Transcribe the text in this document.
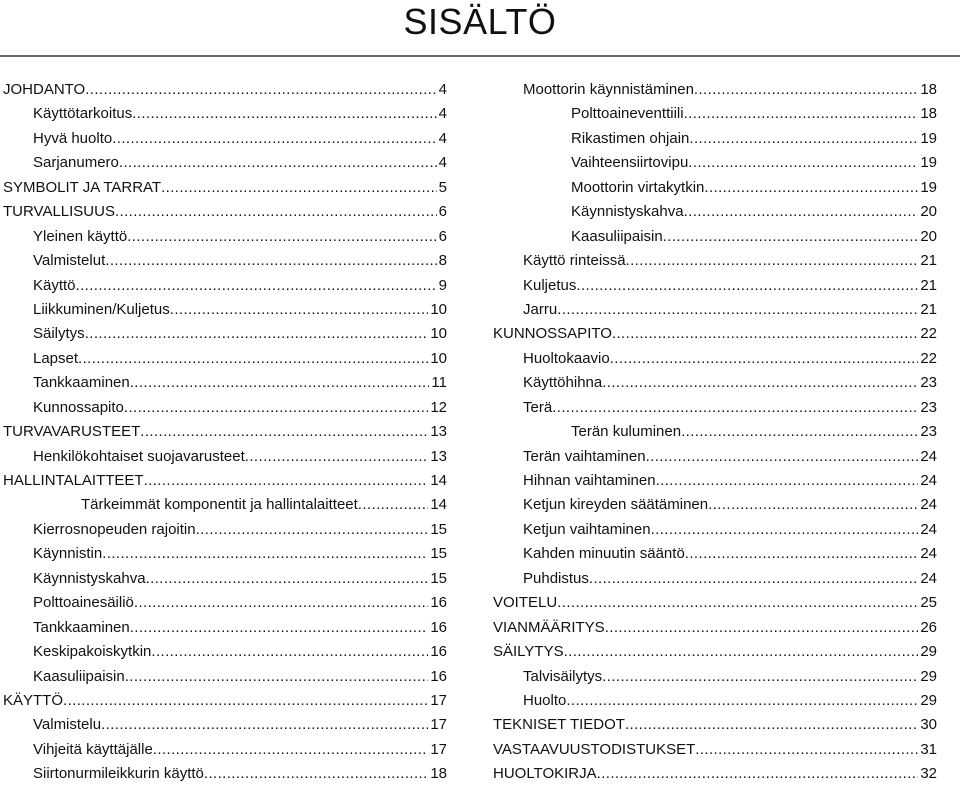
SISÄLTÖ
JOHDANTO .....	4
Käyttötarkoitus .....	4
Hyvä huolto .....	4
Sarjanumero .....	4
SYMBOLIT JA TARRAT .....	5
TURVALLISUUS .....	6
Yleinen käyttö .....	6
Valmistelut .....	8
Käyttö .....	9
Liikkuminen/Kuljetus .....	10
Säilytys .....	10
Lapset .....	10
Tankkaaminen .....	11
Kunnossapito .....	12
TURVAVARUSTEET .....	13
Henkilökohtaiset suojavarusteet .....	13
HALLINTALAITTEET .....	14
Tärkeimmät komponentit ja hallintalaitteet .....	14
Kierrosnopeuden rajoitin .....	15
Käynnistin .....	15
Käynnistyskahva .....	15
Polttoainesäiliö .....	16
Tankkaaminen .....	16
Keskipakoiskytkin .....	16
Kaasuliipaisin .....	16
KÄYTTÖ .....	17
Valmistelu .....	17
Vihjeitä käyttäjälle .....	17
Siirtonurmileikkurin käyttö .....	18
Moottorin käynnistäminen .....	18
Polttoaineventtiili .....	18
Rikastimen ohjain .....	19
Vaihteensiirtovipu .....	19
Moottorin virtakytkin .....	19
Käynnistyskahva .....	20
Kaasuliipaisin .....	20
Käyttö rinteissä .....	21
Kuljetus .....	21
Jarru .....	21
KUNNOSSAPITO .....	22
Huoltokaavio .....	22
Käyttöhihna .....	23
Terä .....	23
Terän kuluminen .....	23
Terän vaihtaminen .....	24
Hihnan vaihtaminen .....	24
Ketjun kireyden säätäminen .....	24
Ketjun vaihtaminen .....	24
Kahden minuutin sääntö .....	24
Puhdistus .....	24
VOITELU .....	25
VIANMÄÄRITYS .....	26
SÄILYTYS .....	29
Talvisäilytys .....	29
Huolto .....	29
TEKNISET TIEDOT .....	30
VASTAAVUUSTODISTUKSET .....	31
HUOLTOKIRJA .....	32
